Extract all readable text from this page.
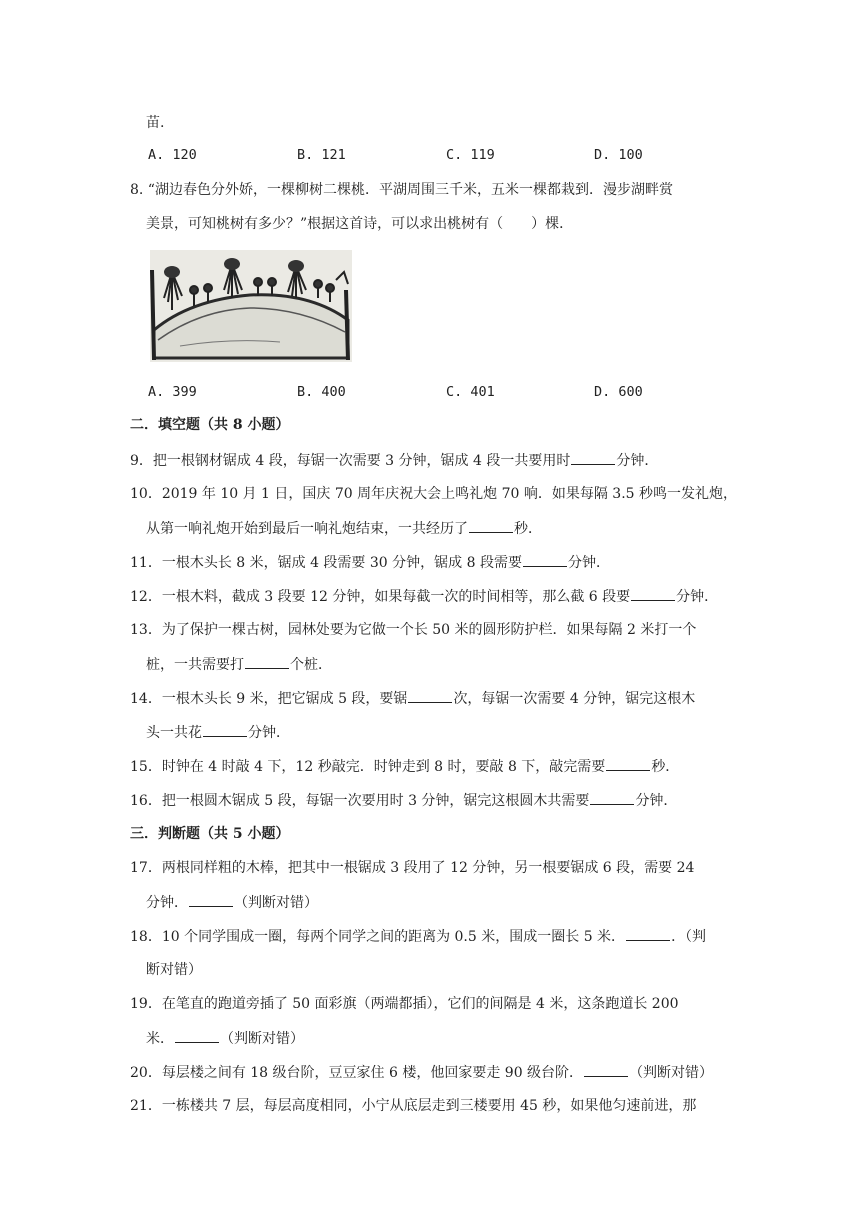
苗.
A. 120	B. 121	C. 119	D. 100
8. “湖边春色分外娇，一棵柳树二棵桃．平湖周围三千米，五米一棵都栽到．漫步湖畔赏
美景，可知桃树有多少？”根据这首诗，可以求出桃树有（　　）棵．
A. 399	B. 400	C. 401	D. 600
二．填空题（共 8 小题）
9．把一根钢材锯成 4 段，每锯一次需要 3 分钟，锯成 4 段一共要用时	分钟．
10．2019 年 10 月 1 日，国庆 70 周年庆祝大会上鸣礼炮 70 响．如果每隔 3.5 秒鸣一发礼炮，
从第一响礼炮开始到最后一响礼炮结束，一共经历了	秒．
11．一根木头长 8 米，锯成 4 段需要 30 分钟，锯成 8 段需要	分钟．
12．一根木料，截成 3 段要 12 分钟，如果每截一次的时间相等，那么截 6 段要	分钟．
13．为了保护一棵古树，园林处要为它做一个长 50 米的圆形防护栏．如果每隔 2 米打一个
桩，一共需要打	个桩．
14．一根木头长 9 米，把它锯成 5 段，要锯	次，每锯一次需要 4 分钟，锯完这根木
头一共花	分钟．
15．时钟在 4 时敲 4 下，12 秒敲完．时钟走到 8 时，要敲 8 下，敲完需要	秒．
16．把一根圆木锯成 5 段，每锯一次要用时 3 分钟，锯完这根圆木共需要	分钟．
三．判断题（共 5 小题）
17．两根同样粗的木棒，把其中一根锯成 3 段用了 12 分钟，另一根要锯成 6 段，需要 24
分钟．	（判断对错）
18．10 个同学围成一圈，每两个同学之间的距离为 0.5 米，围成一圈长 5 米．	．（判
断对错）
19．在笔直的跑道旁插了 50 面彩旗（两端都插），它们的间隔是 4 米，这条跑道长 200
米．	（判断对错）
20．每层楼之间有 18 级台阶，豆豆家住 6 楼，他回家要走 90 级台阶．	（判断对错）
21．一栋楼共 7 层，每层高度相同，小宁从底层走到三楼要用 45 秒，如果他匀速前进，那
